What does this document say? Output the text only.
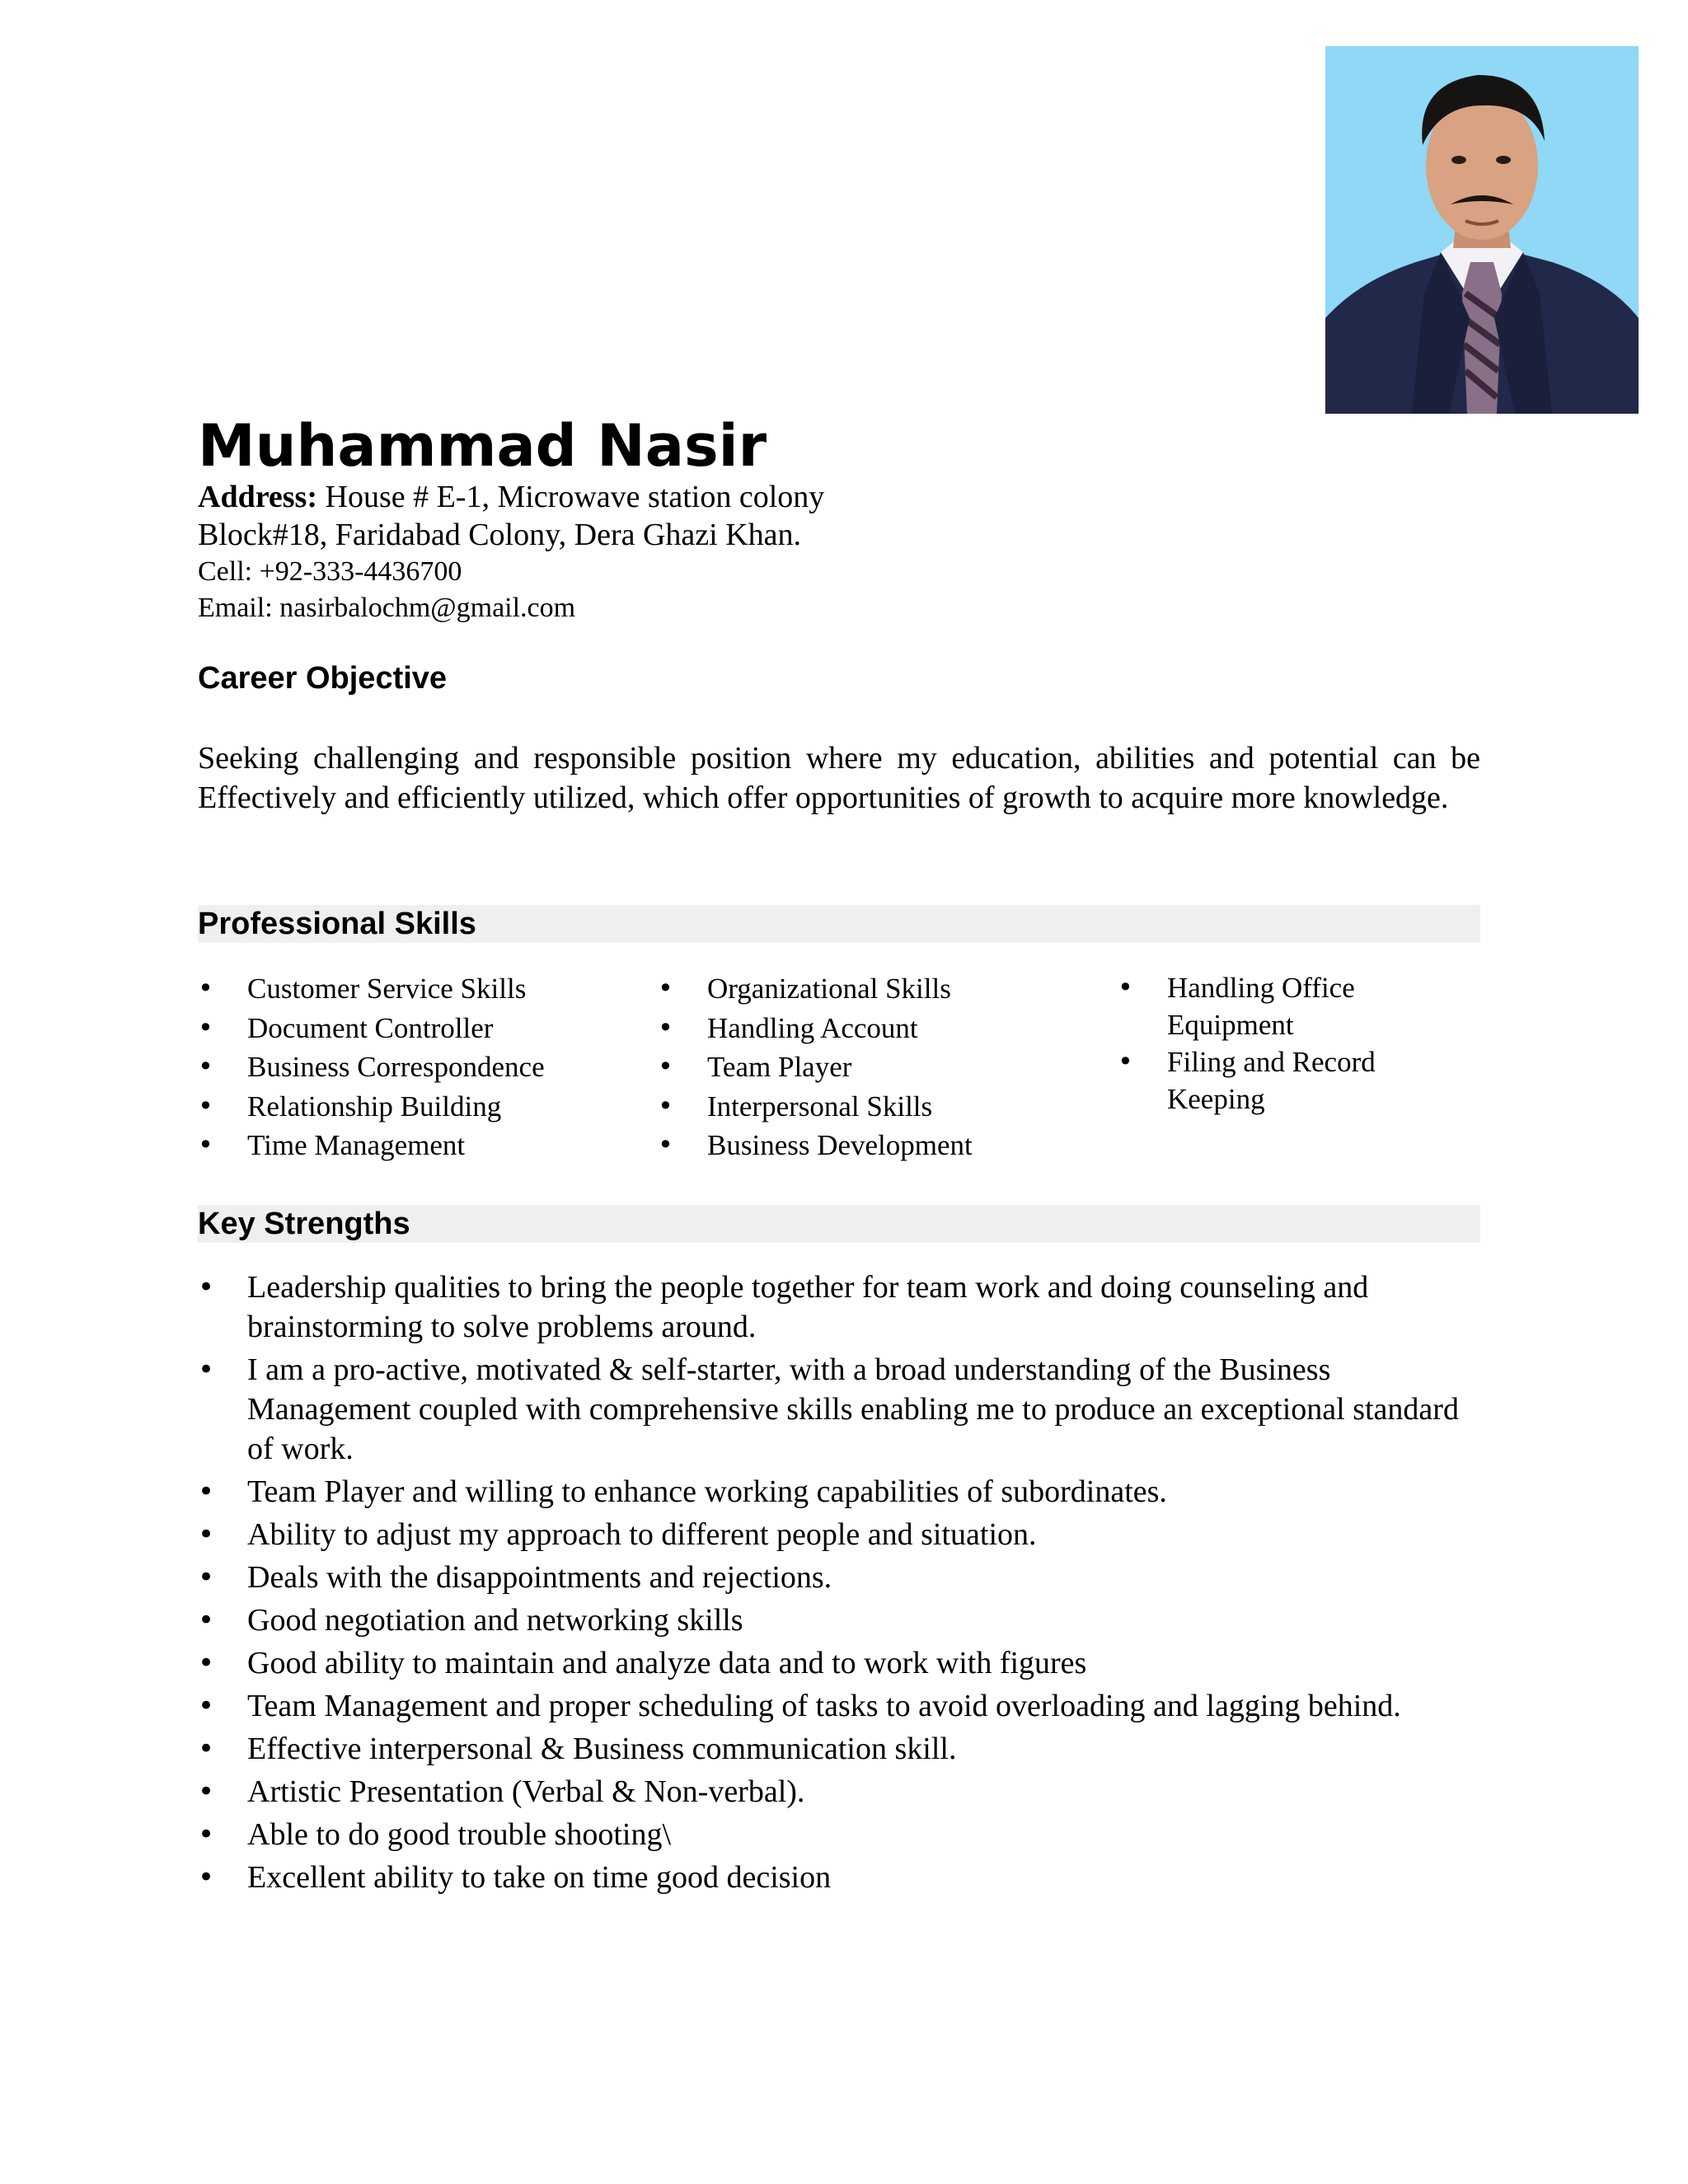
Muhammad Nasir
Address: House # E-1, Microwave station colony
Block#18, Faridabad Colony, Dera Ghazi Khan.
Cell: +92-333-4436700
Email: nasirbalochm@gmail.com
Career Objective

Seeking challenging and responsible position where my education, abilities and potential can be Effectively and efficiently utilized, which offer opportunities of growth to acquire more knowledge.

Professional Skills
• Customer Service Skills
• Document Controller
• Business Correspondence
• Relationship Building
• Time Management
• Organizational Skills
• Handling Account
• Team Player
• Interpersonal Skills
• Business Development
• Handling Office Equipment
• Filing and Record Keeping
Key Strengths
• Leadership qualities to bring the people together for team work and doing counseling and brainstorming to solve problems around.
• I am a pro-active, motivated & self-starter, with a broad understanding of the Business Management coupled with comprehensive skills enabling me to produce an exceptional standard of work.
• Team Player and willing to enhance working capabilities of subordinates.
• Ability to adjust my approach to different people and situation.
• Deals with the disappointments and rejections.
• Good negotiation and networking skills
• Good ability to maintain and analyze data and to work with figures
• Team Management and proper scheduling of tasks to avoid overloading and lagging behind.
• Effective interpersonal & Business communication skill.
• Artistic Presentation (Verbal & Non-verbal).
• Able to do good trouble shooting\
• Excellent ability to take on time good decision
